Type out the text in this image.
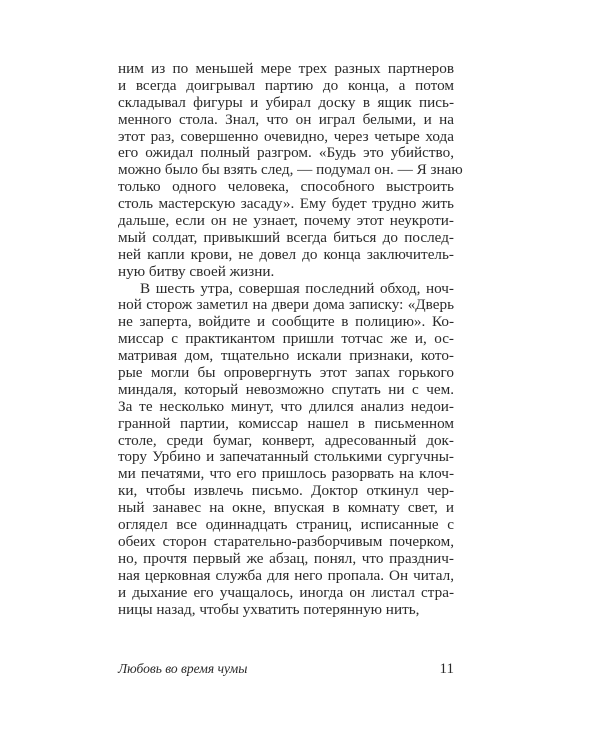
ним из по меньшей мере трех разных партнеров
и всегда доигрывал партию до конца, а потом
складывал фигуры и убирал доску в ящик пись-
менного стола. Знал, что он играл белыми, и на
этот раз, совершенно очевидно, через четыре хода
его ожидал полный разгром. «Будь это убийство,
можно было бы взять след, — подумал он. — Я знаю
только одного человека, способного выстроить
столь мастерскую засаду». Ему будет трудно жить
дальше, если он не узнает, почему этот неукроти-
мый солдат, привыкший всегда биться до послед-
ней капли крови, не довел до конца заключитель-
ную битву своей жизни.
В шесть утра, совершая последний обход, ноч-
ной сторож заметил на двери дома записку: «Дверь
не заперта, войдите и сообщите в полицию». Ко-
миссар с практикантом пришли тотчас же и, ос-
матривая дом, тщательно искали признаки, кото-
рые могли бы опровергнуть этот запах горького
миндаля, который невозможно спутать ни с чем.
За те несколько минут, что длился анализ недои-
гранной партии, комиссар нашел в письменном
столе, среди бумаг, конверт, адресованный док-
тору Урбино и запечатанный столькими сургучны-
ми печатями, что его пришлось разорвать на клоч-
ки, чтобы извлечь письмо. Доктор откинул чер-
ный занавес на окне, впуская в комнату свет, и
оглядел все одиннадцать страниц, исписанные с
обеих сторон старательно-разборчивым почерком,
но, прочтя первый же абзац, понял, что празднич-
ная церковная служба для него пропала. Он читал,
и дыхание его учащалось, иногда он листал стра-
ницы назад, чтобы ухватить потерянную нить,
Любовь во время чумы	11
